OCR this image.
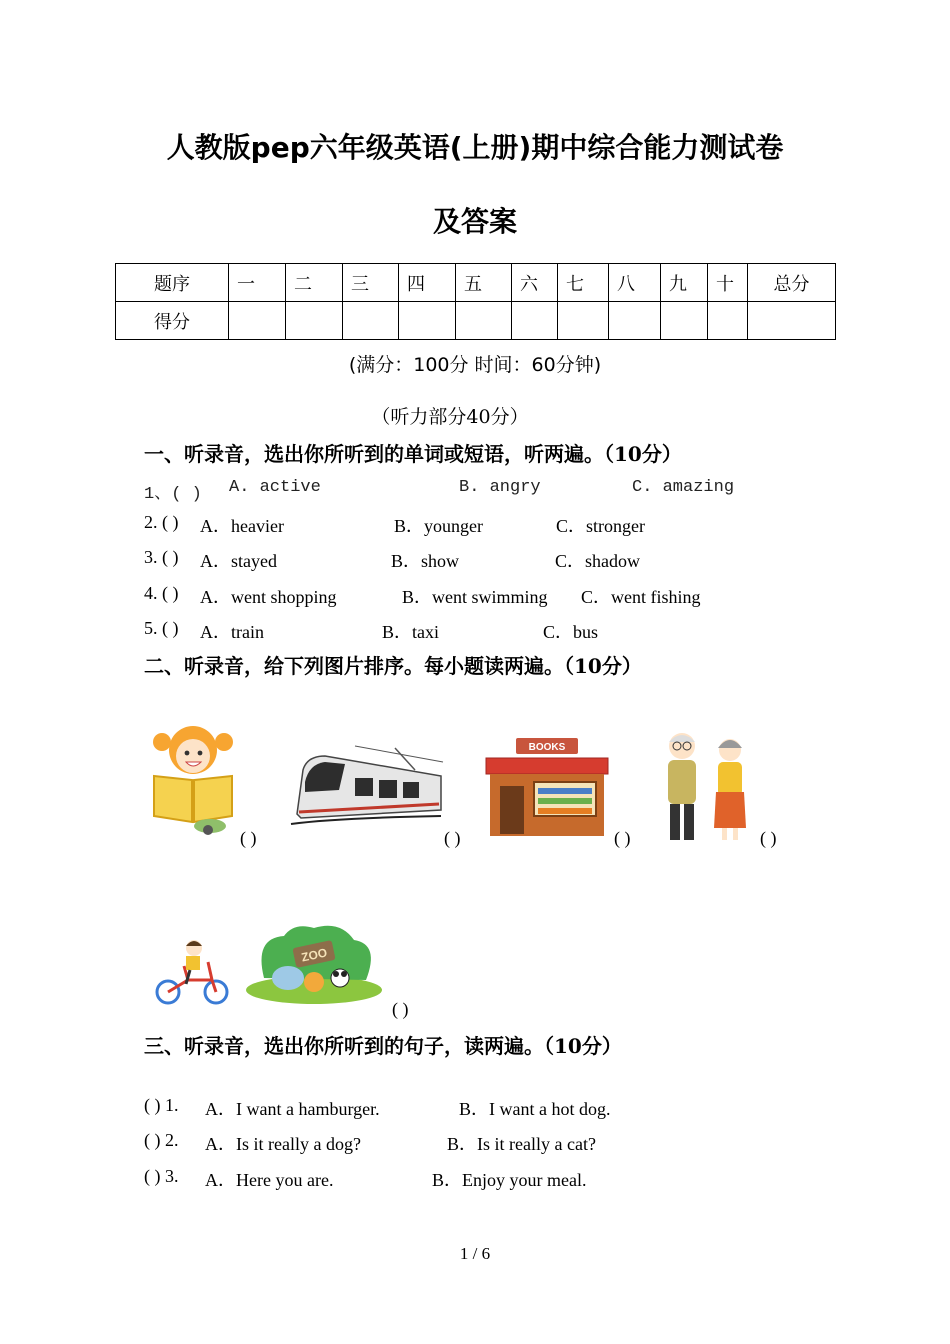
人教版pep六年级英语(上册)期中综合能力测试卷
及答案
题序	一	二	三	四	五	六	七	八	九	十	总分
得分											
(满分：100分 时间：60分钟)
（听力部分40分）
一、听录音，选出你所听到的单词或短语，听两遍。（10分）
1、( ) A. active	B. angry	C. amazing
2. ( ) A．heavier	B．younger	C．stronger
3. ( ) A．stayed	B．show	C．shadow
4. ( ) A．went shopping	B．went swimming C．went fishing
5. ( ) A．train	B．taxi	C．bus
二、听录音，给下列图片排序。每小题读两遍。（10分）
( )	( )
BOOKS
( )	( )
ZOO
( )
三、听录音，选出你所听到的句子，读两遍。（10分）
( ) 1. A．I want a hamburger.	B．I want a hot dog.
( ) 2. A．Is it really a dog?	B．Is it really a cat?
( ) 3. A．Here you are.	B．Enjoy your meal.
1 / 6
